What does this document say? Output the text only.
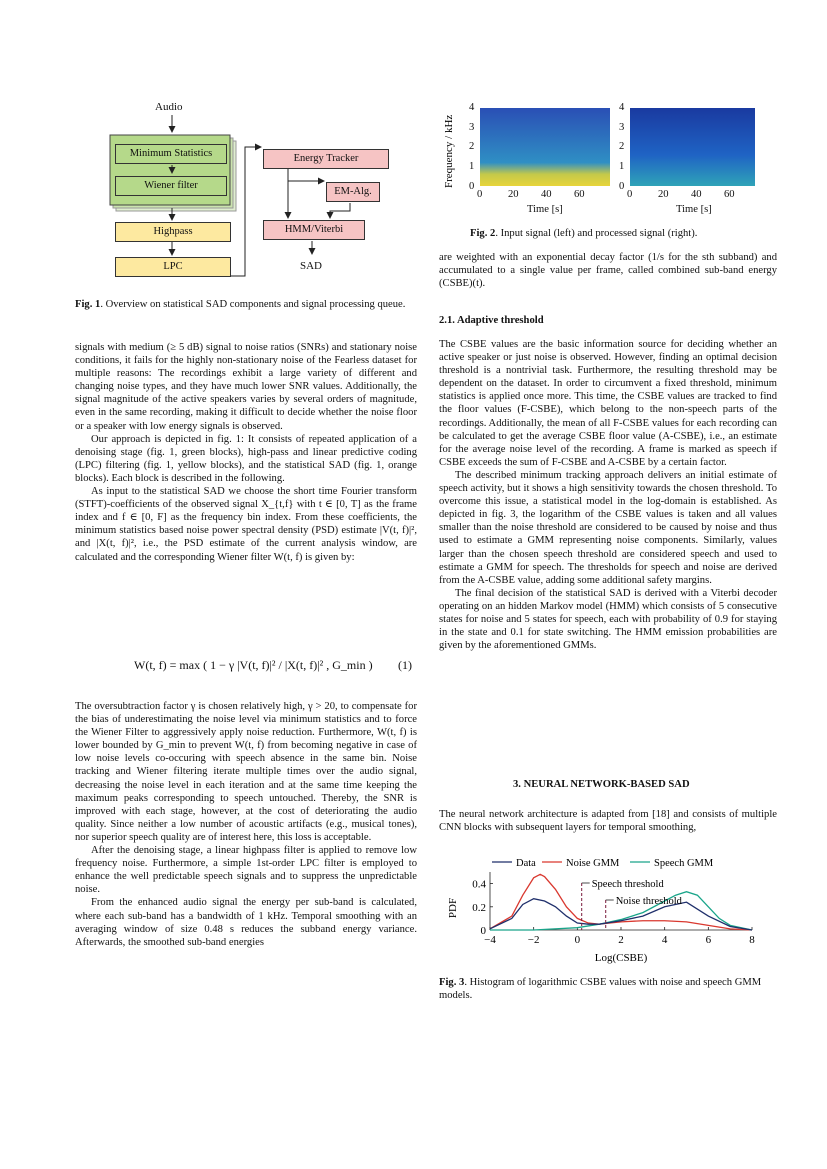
Audio
Minimum Statistics
Wiener filter
Highpass
LPC
Energy Tracker
EM-Alg.
HMM/Viterbi
SAD
Fig. 1. Overview on statistical SAD components and signal processing queue.
Frequency / kHz
4
3
2
1
0
4
3
2
1
0
0 20 40 60	0 20 40 60
Time [s]	Time [s]
Fig. 2. Input signal (left) and processed signal (right).

signals with medium (≥ 5 dB) signal to noise ratios (SNRs) and stationary noise conditions, it fails for the highly non-stationary noise of the Fearless dataset for multiple reasons: The recordings exhibit a large variety of different and changing noise types, and they have much lower SNR values. Additionally, the signal magnitude of the active speakers varies by several orders of magnitude, even in the same recording, making it difficult to decide whether the noise floor or a speaker with low energy signals is observed.

Our approach is depicted in fig. 1: It consists of repeated application of a denoising stage (fig. 1, green blocks), high-pass and linear predictive coding (LPC) filtering (fig. 1, yellow blocks), and the statistical SAD (fig. 1, orange blocks). Each block is described in the following.

As input to the statistical SAD we choose the short time Fourier transform (STFT)-coefficients of the observed signal X_{t,f} with t ∈ [0, T] as the frame index and f ∈ [0, F] as the frequency bin index. From these coefficients, the minimum statistics based noise power spectral density (PSD) estimate |V(t, f)|², and |X(t, f)|², i.e., the PSD estimate of the current analysis window, are calculated and the corresponding Wiener filter W(t, f) is given by:

W(t, f) = max ( 1 − γ |V(t, f)|² / |X(t, f)|² , G_min ) (1)

The oversubtraction factor γ is chosen relatively high, γ > 20, to compensate for the bias of underestimating the noise level via minimum statistics and to force the Wiener Filter to aggressively apply noise reduction. Furthermore, W(t, f) is lower bounded by G_min to prevent W(t, f) from becoming negative in case of low noise levels co-occuring with speech absence in the same bin. Noise tracking and Wiener filtering iterate multiple times over the audio signal, decreasing the noise level in each iteration and at the same time keeping the maximum peaks corresponding to speech untouched. Thereby, the SNR is improved with each stage, however, at the cost of deteriorating the audio quality. Since neither a low number of acoustic artifacts (e.g., musical tones), nor superior speech quality are of interest here, this loss is acceptable.

After the denoising stage, a linear highpass filter is applied to remove low frequency noise. Furthermore, a simple 1st-order LPC filter is employed to enhance the well predictable speech signals and to suppress the unpredictable noise.

From the enhanced audio signal the energy per sub-band is calculated, where each sub-band has a bandwidth of 1 kHz. Temporal smoothing with an averaging window of size 0.48 s reduces the subband energy variance. Afterwards, the smoothed sub-band energies

are weighted with an exponential decay factor (1/s for the sth subband) and accumulated to a single value per frame, called combined sub-band energy (CSBE)(t).

2.1. Adaptive threshold

The CSBE values are the basic information source for deciding whether an active speaker or just noise is observed. However, finding an optimal decision threshold is a nontrivial task. Furthermore, the resulting threshold may be dependent on the dataset. In order to circumvent a fixed threshold, minimum statistics is applied once more. This time, the CSBE values are tracked to find the floor values (F-CSBE), which belong to the non-speech parts of the recordings. Additionally, the mean of all F-CSBE values for each recording can be calculated to get the average CSBE floor value (A-CSBE), i.e., an estimate for the average noise level of the recording. A frame is marked as speech if CSBE exceeds the sum of F-CSBE and A-CSBE by a certain factor.

The described minimum tracking approach delivers an initial estimate of speech activity, but it shows a high sensitivity towards the chosen threshold. To overcome this issue, a statistical model in the log-domain is established. As depicted in fig. 3, the logarithm of the CSBE values is taken and all values smaller than the noise threshold are considered to be caused by noise and thus used to estimate a GMM representing noise components. Similarly, values larger than the chosen speech threshold are considered speech and used to estimate a GMM for speech. The thresholds for speech and noise are derived from the A-CSBE value, adding some additional safety margins.

The final decision of the statistical SAD is derived with a Viterbi decoder operating on an hidden Markov model (HMM) which consists of 5 consecutive states for noise and 5 states for speech, each with probability of 0.9 for staying in the state and 0.1 for state switching. The HMM emission probabilities are given by the aforementioned GMMs.

3. NEURAL NETWORK-BASED SAD

The neural network architecture is adapted from [18] and consists of multiple CNN blocks with subsequent layers for temporal smoothing,

−4	−2	0	2	4	6	8
0.4
0.2
0
PDF
Log(CSBE)
Speech threshold
Noise threshold
Data	Noise GMM	Speech GMM
Fig. 3. Histogram of logarithmic CSBE values with noise and speech GMM models.
